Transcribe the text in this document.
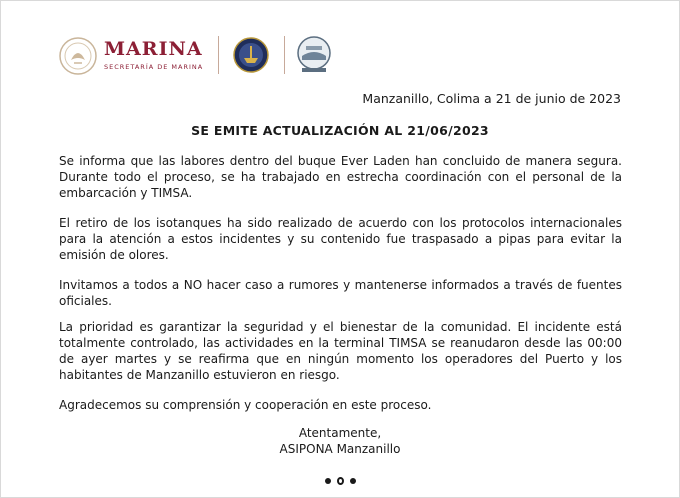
MARINA
SECRETARÍA DE MARINA
Manzanillo, Colima a 21 de junio de 2023
SE EMITE ACTUALIZACIÓN AL 21/06/2023

Se informa que las labores dentro del buque Ever Laden han concluido de manera segura. Durante todo el proceso, se ha trabajado en estrecha coordinación con el personal de la embarcación y TIMSA.

El retiro de los isotanques ha sido realizado de acuerdo con los protocolos internacionales para la atención a estos incidentes y su contenido fue traspasado a pipas para evitar la emisión de olores.

Invitamos a todos a NO hacer caso a rumores y mantenerse informados a través de fuentes oficiales.

La prioridad es garantizar la seguridad y el bienestar de la comunidad. El incidente está totalmente controlado, las actividades en la terminal TIMSA se reanudaron desde las 00:00 de ayer martes y se reafirma que en ningún momento los operadores del Puerto y los habitantes de Manzanillo estuvieron en riesgo.

Agradecemos su comprensión y cooperación en este proceso.

Atentamente,
ASIPONA Manzanillo
